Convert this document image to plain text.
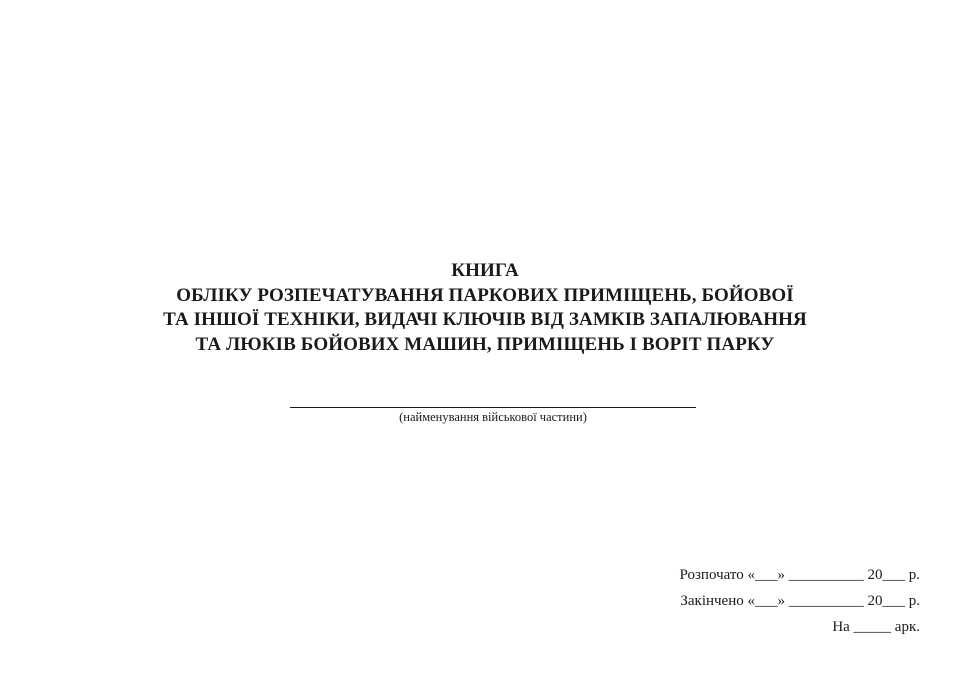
КНИГА
ОБЛІКУ РОЗПЕЧАТУВАННЯ ПАРКОВИХ ПРИМІЩЕНЬ, БОЙОВОЇ
ТА ІНШОЇ ТЕХНІКИ, ВИДАЧІ КЛЮЧІВ ВІД ЗАМКІВ ЗАПАЛЮВАННЯ
ТА ЛЮКІВ БОЙОВИХ МАШИН, ПРИМІЩЕНЬ І ВОРІТ ПАРКУ
(найменування військової частини)
Розпочато «___» __________ 20___ р.
Закінчено «___» __________ 20___ р.
На _____ арк.
